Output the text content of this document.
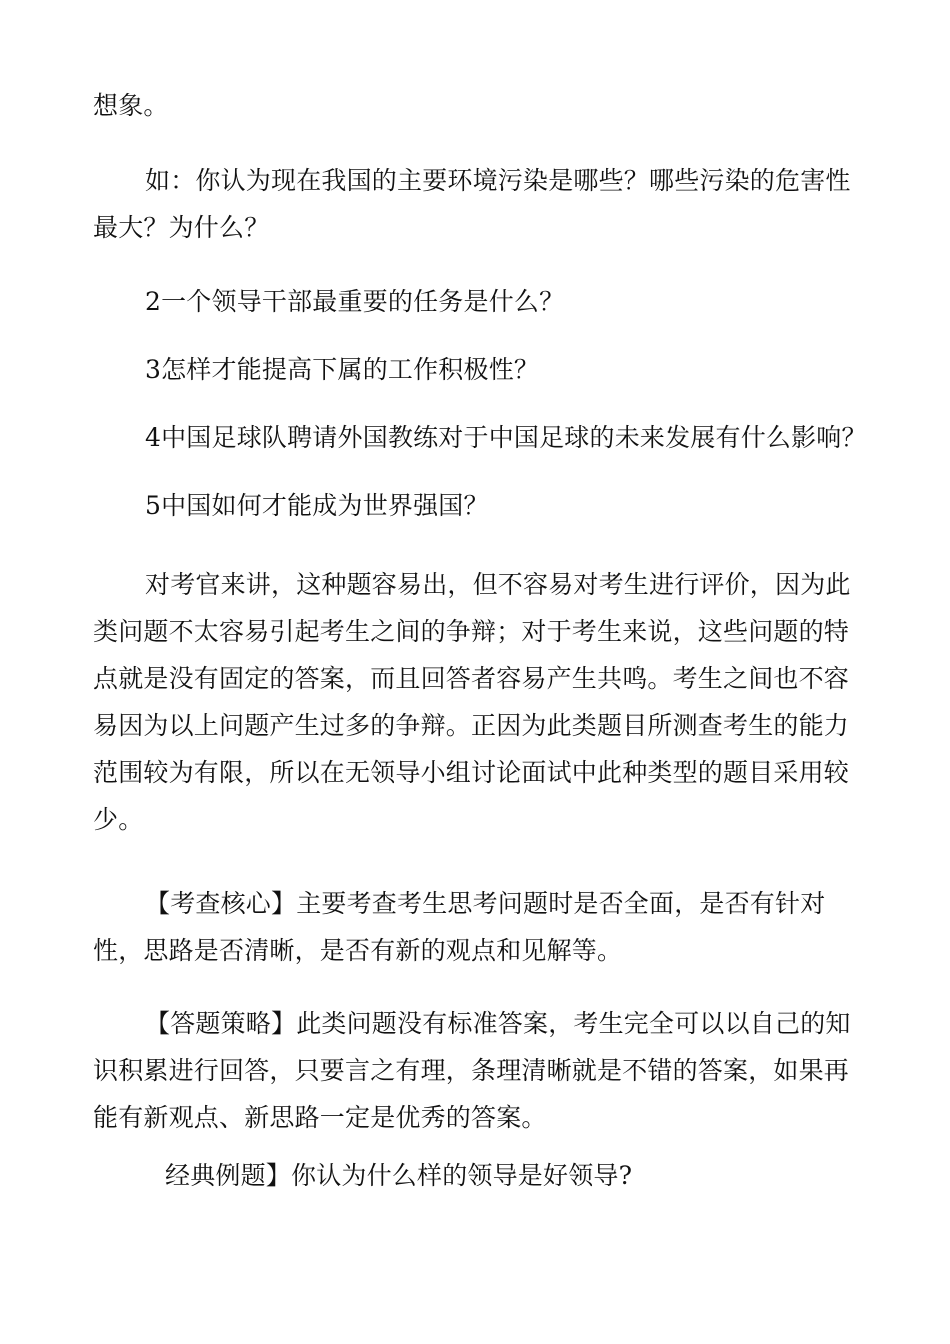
想象。

如：你认为现在我国的主要环境污染是哪些？哪些污染的危害性最大？为什么？

2一个领导干部最重要的任务是什么？

3怎样才能提高下属的工作积极性？

4中国足球队聘请外国教练对于中国足球的未来发展有什么影响？

5中国如何才能成为世界强国？

对考官来讲，这种题容易出，但不容易对考生进行评价，因为此类问题不太容易引起考生之间的争辩；对于考生来说，这些问题的特点就是没有固定的答案，而且回答者容易产生共鸣。考生之间也不容易因为以上问题产生过多的争辩。正因为此类题目所测查考生的能力范围较为有限，所以在无领导小组讨论面试中此种类型的题目采用较少。

【考查核心】主要考查考生思考问题时是否全面，是否有针对性，思路是否清晰，是否有新的观点和见解等。

【答题策略】此类问题没有标准答案，考生完全可以以自己的知识积累进行回答，只要言之有理，条理清晰就是不错的答案，如果再能有新观点、新思路一定是优秀的答案。

经典例题】你认为什么样的领导是好领导?
